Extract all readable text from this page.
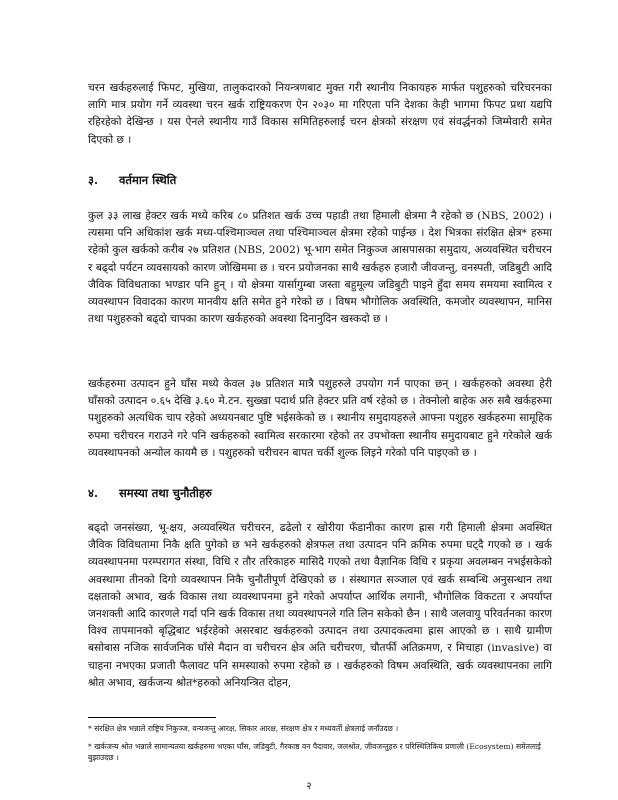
चरन खर्कहरुलाई फिपट, मुखिया, तालुकदारको नियन्त्रणबाट मुक्त गरी स्थानीय निकायहरु मार्फत पशुहरुको चरिचरनका लागि मात्र प्रयोग गर्ने व्यवस्था चरन खर्क राष्ट्रियकरण ऐन २०३० मा गरिएता पनि देशका केही भागमा फिपट प्रथा यद्यपि रहिरहेको देखिन्छ । यस ऐनले स्थानीय गाउँ विकास समितिहरुलाई चरन क्षेत्रको संरक्षण एवं संवर्द्धनको जिम्मेवारी समेत दिएको छ ।

३. वर्तमान स्थिति

कुल ३३ लाख हेक्टर खर्क मध्ये करिब ८० प्रतिशत खर्क उच्च पहाडी तथा हिमाली क्षेत्रमा नै रहेको छ (NBS, 2002) । त्यसमा पनि अधिकांश खर्क मध्य-पश्चिमाञ्चल तथा पश्चिमाञ्चल क्षेत्रमा रहेको पाईन्छ । देश भित्रका संरक्षित क्षेत्र* हरुमा रहेको कुल खर्कको करीब २७ प्रतिशत (NBS, 2002) भू-भाग समेत निकुञ्ज आसपासका समुदाय, अव्यवस्थित चरीचरन र बढ्दो पर्यटन व्यवसायको कारण जोखिममा छ । चरन प्रयोजनका साथै खर्कहरु हजारौ जीवजन्तु, वनस्पती, जडिबुटी आदि जैविक विविधताका भण्डार पनि हुन् । यो क्षेत्रमा यार्सागुम्बा जस्ता बहुमूल्य जडिबुटी पाइने हुँदा समय समयमा स्वामित्व र व्यवस्थापन विवादका कारण मानवीय क्षति समेत हुने गरेको छ । विषम भौगोलिक अवस्थिति, कमजोर व्यवस्थापन, मानिस तथा पशुहरुको बढ्दो चापका कारण खर्कहरुको अवस्था दिनानुदिन खस्कदो छ ।

खर्कहरुमा उत्पादन हुने घाँस मध्ये केवल ३७ प्रतिशत मात्रै पशुहरुले उपयोग गर्न पाएका छन् । खर्कहरुको अवस्था हेरी घाँसको उत्पादन ०.६५ देखि ३.६० मे.टन. सुख्खा पदार्थ प्रति हेक्टर प्रति वर्ष रहेको छ । तेक्नोलो बाहेक अरु सबै खर्कहरुमा पशुहरुको अत्यधिक चाप रहेको अध्ययनबाट पुष्टि भईसकेको छ । स्थानीय समुदायहरुले आफ्ना पशुहरु खर्कहरुमा सामूहिक रुपमा चरीचरन गराउने गरे पनि खर्कहरुको स्वामित्व सरकारमा रहेको तर उपभोक्ता स्थानीय समुदायबाट हुने गरेकोले खर्क व्यवस्थापनको अन्योल कायमै छ । पशुहरुको चरीचरन बापत चर्की शुल्क लिइने गरेको पनि पाइएको छ ।

४. समस्या तथा चुनौतीहरु

बढ्दो जनसंख्या, भू-क्षय, अव्यवस्थित चरीचरन, ढढेलो र खोरीया फँडानीका कारण ह्रास गरी हिमाली क्षेत्रमा अवस्थित जैविक विविधतामा निकै क्षति पुगेको छ भने खर्कहरुको क्षेत्रफल तथा उत्पादन पनि क्रमिक रुपमा घट्दै गएको छ । खर्क व्यवस्थापनमा परम्परागत संस्था, विधि र तौर तरिकाहरु मासिदै गएको तथा वैज्ञानिक विधि र प्रकृया अवलम्बन नभईसकेको अवस्थामा तीनको दिगो व्यवस्थापन निकै चुनौतीपूर्ण देखिएको छ । संस्थागत सञ्जाल एवं खर्क सम्बन्धि अनुसन्धान तथा दक्षताको अभाव, खर्क विकास तथा व्यवस्थापनमा हुने गरेको अपर्याप्त आर्थिक लगानी, भौगोलिक विकटता र अपर्याप्त जनशक्ती आदि कारणले गर्दा पनि खर्क विकास तथा व्यवस्थापनले गति लिन सकेको छैन । साथै जलवायु परिवर्तनका कारण विश्व तापमानको बृद्धिबाट भईरहेको असरबाट खर्कहरुको उत्पादन तथा उत्पादकत्वमा ह्रास आएको छ । साथै ग्रामीण बसोबास नजिक सार्वजनिक घाँसे मैदान वा चरीचरन क्षेत्र अति चरीचरण, चौतर्फी अतिक्रमण, र मिचाहा (invasive) वा चाहना नभएका प्रजाती फैलावट पनि समस्याको रुपमा रहेको छ । खर्कहरुको विषम अवस्थिति, खर्क व्यवस्थापनका लागि श्रोत अभाव, खर्कजन्य श्रोत*हरुको अनियन्त्रित दोहन,

* संरक्षित क्षेत्र भन्नाले राष्ट्रिय निकुञ्ज, वन्यजन्तु आरक्ष, सिकार आरक्ष, संरक्षण क्षेत्र र मध्यवर्ती क्षेत्रलाई जनाँउदछ ।

* खर्कजन्य श्रोत भन्नाले सामान्यतया खर्कहरुमा भएका घाँस, जडिबुटी, गैरकाष्ठ वन पैदावार, जलश्रोत, जीवजन्तुहरु र परिस्थितिकिय प्रणाली (Ecosystem) समेतलाई बुझाउदछ ।

२
